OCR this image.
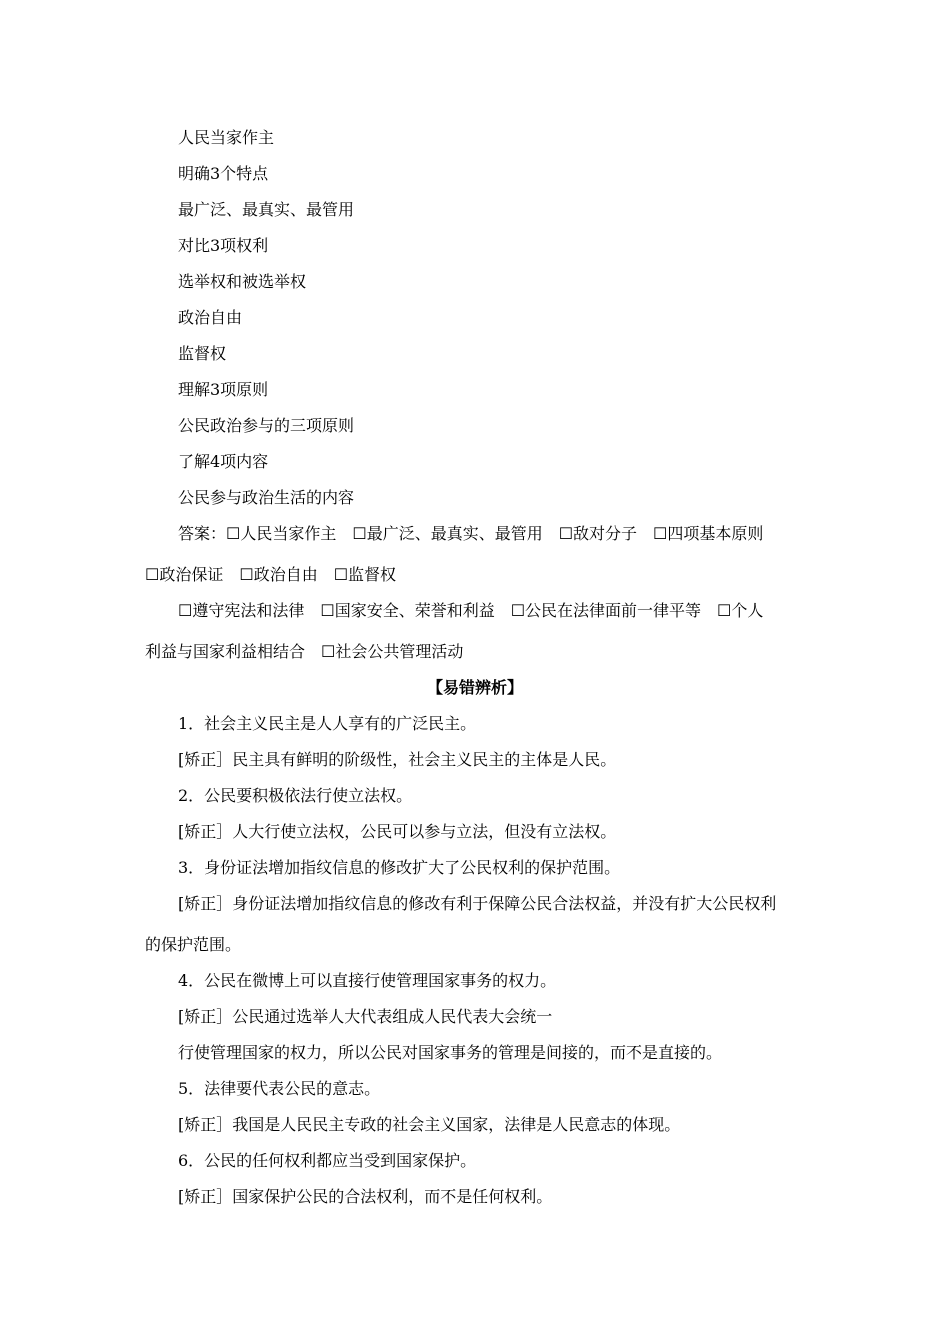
人民当家作主
明确3个特点
最广泛、最真实、最管用
对比3项权利
选举权和被选举权
政治自由
监督权
理解3项原则
公民政治参与的三项原则
了解4项内容
公民参与政治生活的内容
答案：☐人民当家作主　☐最广泛、最真实、最管用　☐敌对分子　☐四项基本原则
☐政治保证　☐政治自由　☐监督权
☐遵守宪法和法律　☐国家安全、荣誉和利益　☐公民在法律面前一律平等　☐个人
利益与国家利益相结合　☐社会公共管理活动
【易错辨析】
1．社会主义民主是人人享有的广泛民主。
[矫正］民主具有鲜明的阶级性，社会主义民主的主体是人民。
2．公民要积极依法行使立法权。
[矫正］人大行使立法权，公民可以参与立法，但没有立法权。
3．身份证法增加指纹信息的修改扩大了公民权利的保护范围。
[矫正］身份证法增加指纹信息的修改有利于保障公民合法权益，并没有扩大公民权利
的保护范围。
4．公民在微博上可以直接行使管理国家事务的权力。
[矫正］公民通过选举人大代表组成人民代表大会统一
行使管理国家的权力，所以公民对国家事务的管理是间接的，而不是直接的。
5．法律要代表公民的意志。
[矫正］我国是人民民主专政的社会主义国家，法律是人民意志的体现。
6．公民的任何权利都应当受到国家保护。
[矫正］国家保护公民的合法权利，而不是任何权利。
